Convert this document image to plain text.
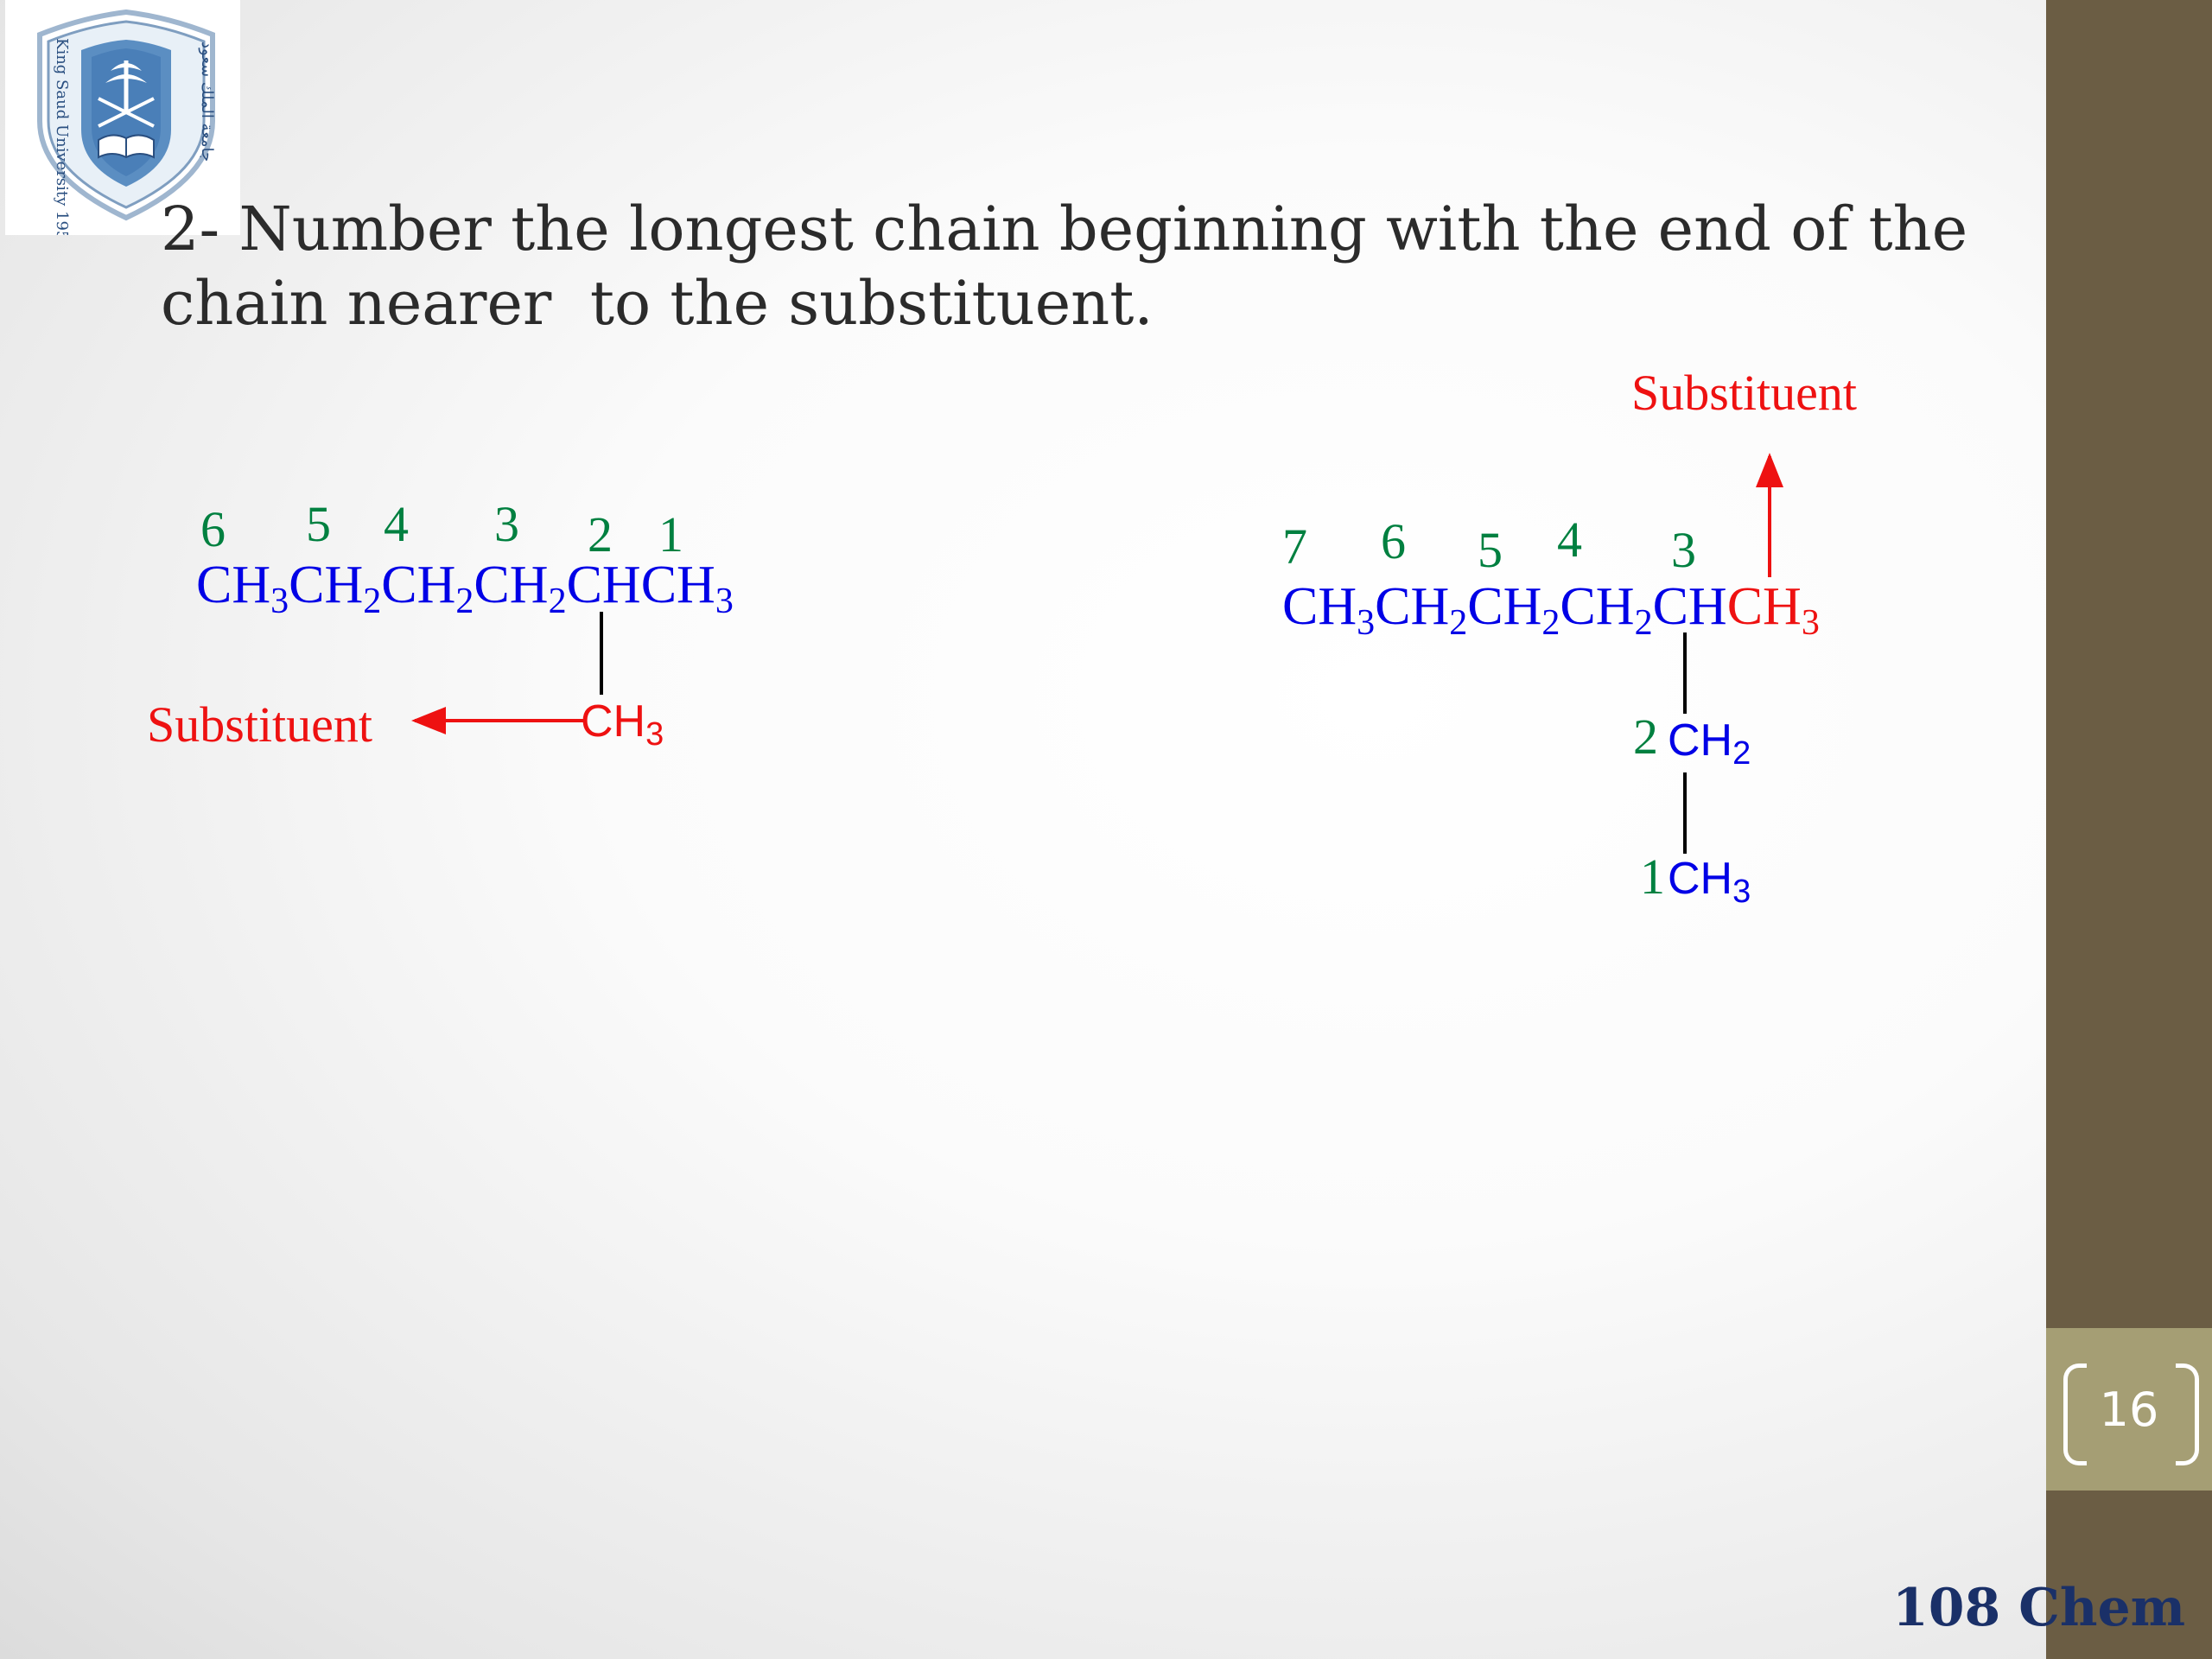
16
108 Chem
King Saud University 1957	جامعة الملك سعود
2- Number the longest chain beginning with the end of the
chain nearer  to the substituent.
6 5 4 3 2 1
CH3CH2CH2CH2CHCH3
CH3
Substituent
Substituent
7 6 5 4 3
2
1
CH3CH2CH2CH2CHCH3
CH2
CH3
